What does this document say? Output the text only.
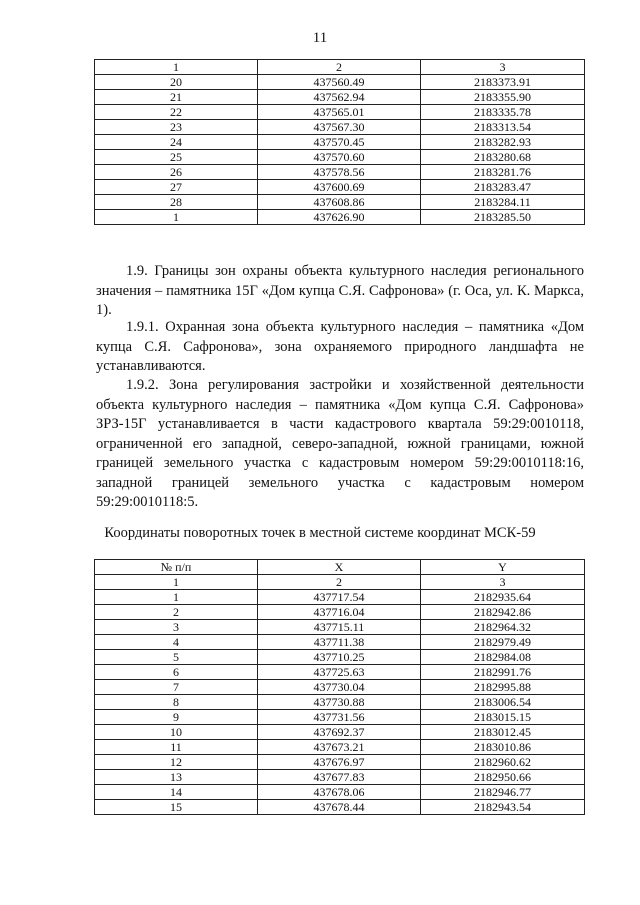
11
1	2	3
20	437560.49	2183373.91
21	437562.94	2183355.90
22	437565.01	2183335.78
23	437567.30	2183313.54
24	437570.45	2183282.93
25	437570.60	2183280.68
26	437578.56	2183281.76
27	437600.69	2183283.47
28	437608.86	2183284.11
1	437626.90	2183285.50

1.9. Границы зон охраны объекта культурного наследия регионального значения – памятника 15Г «Дом купца С.Я. Сафронова» (г. Оса, ул. К. Маркса, 1).

1.9.1. Охранная зона объекта культурного наследия – памятника «Дом купца С.Я. Сафронова», зона охраняемого природного ландшафта не устанавливаются.

1.9.2. Зона регулирования застройки и хозяйственной деятельности объекта культурного наследия – памятника «Дом купца С.Я. Сафронова» ЗРЗ-15Г устанавливается в части кадастрового квартала 59:29:0010118, ограниченной его западной, северо-западной, южной границами, южной границей земельного участка с кадастровым номером 59:29:0010118:16, западной границей земельного участка с кадастровым номером 59:29:0010118:5.

Координаты поворотных точек в местной системе координат МСК-59

№ п/п	X	Y
1	2	3
1	437717.54	2182935.64
2	437716.04	2182942.86
3	437715.11	2182964.32
4	437711.38	2182979.49
5	437710.25	2182984.08
6	437725.63	2182991.76
7	437730.04	2182995.88
8	437730.88	2183006.54
9	437731.56	2183015.15
10	437692.37	2183012.45
11	437673.21	2183010.86
12	437676.97	2182960.62
13	437677.83	2182950.66
14	437678.06	2182946.77
15	437678.44	2182943.54
